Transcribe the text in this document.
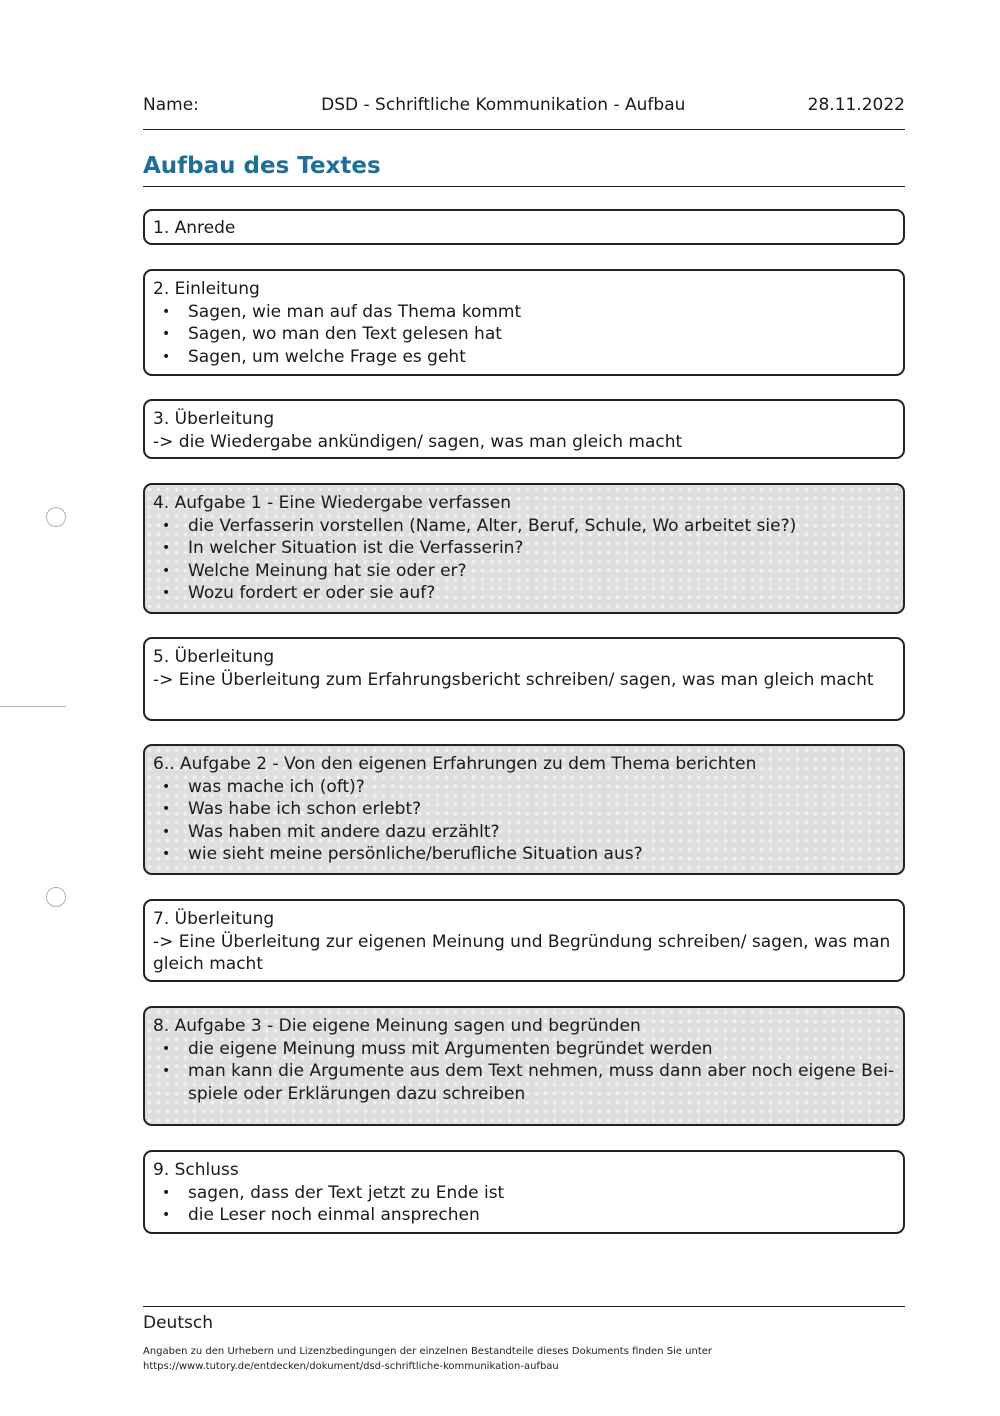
Name:	DSD - Schriftliche Kommunikation - Aufbau	28.11.2022
Aufbau des Textes
1. Anrede
2. Einleitung
• Sagen, wie man auf das Thema kommt
• Sagen, wo man den Text gelesen hat
• Sagen, um welche Frage es geht
3. Überleitung
-> die Wiedergabe ankündigen/ sagen, was man gleich macht
4. Aufgabe 1 - Eine Wiedergabe verfassen
• die Verfasserin vorstellen (Name, Alter, Beruf, Schule, Wo arbeitet sie?)
• In welcher Situation ist die Verfasserin?
• Welche Meinung hat sie oder er?
• Wozu fordert er oder sie auf?
5. Überleitung
-> Eine Überleitung zum Erfahrungsbericht schreiben/ sagen, was man gleich macht
6.. Aufgabe 2 - Von den eigenen Erfahrungen zu dem Thema berichten
• was mache ich (oft)?
• Was habe ich schon erlebt?
• Was haben mit andere dazu erzählt?
• wie sieht meine persönliche/berufliche Situation aus?
7. Überleitung
-> Eine Überleitung zur eigenen Meinung und Begründung schreiben/ sagen, was man gleich macht
8. Aufgabe 3 - Die eigene Meinung sagen und begründen
• die eigene Meinung muss mit Argumenten begründet werden
• man kann die Argumente aus dem Text nehmen, muss dann aber noch eigene Bei-spiele oder Erklärungen dazu schreiben
9. Schluss
• sagen, dass der Text jetzt zu Ende ist
• die Leser noch einmal ansprechen
Deutsch
Angaben zu den Urhebern und Lizenzbedingungen der einzelnen Bestandteile dieses Dokuments finden Sie unter
https://www.tutory.de/entdecken/dokument/dsd-schriftliche-kommunikation-aufbau
